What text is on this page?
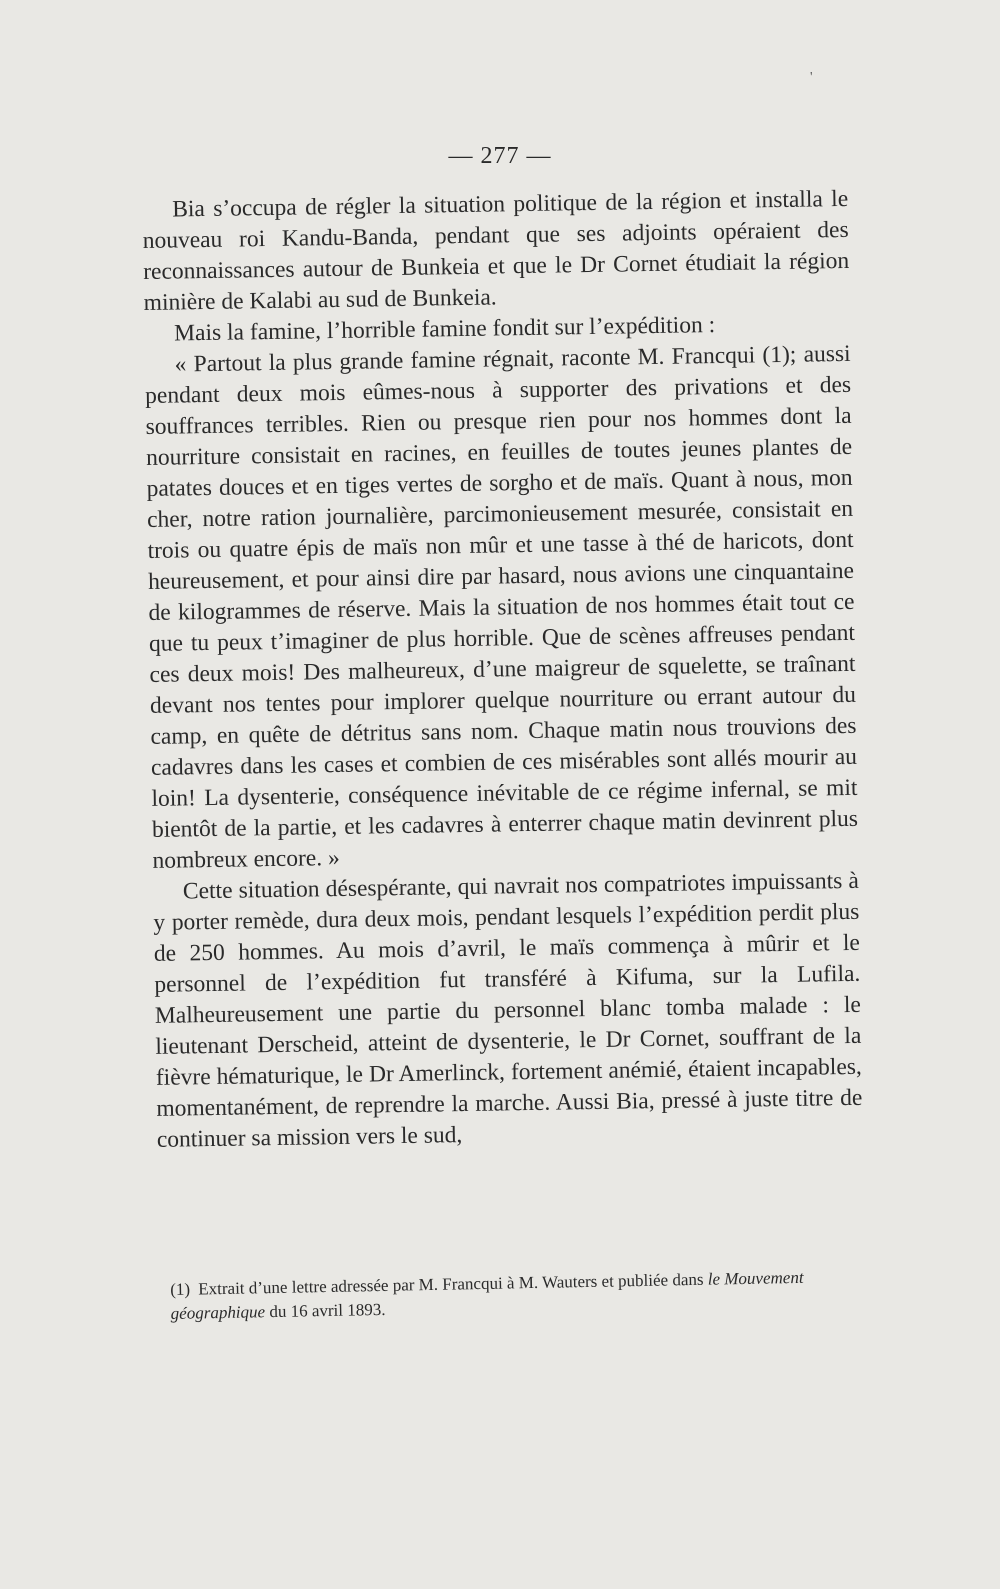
'
— 277 —

Bia s’occupa de régler la situation politique de la région et installa le nouveau roi Kandu-Banda, pendant que ses adjoints opéraient des reconnaissances autour de Bunkeia et que le Dr Cornet étudiait la région minière de Kalabi au sud de Bunkeia.

Mais la famine, l’horrible famine fondit sur l’expédition :

« Partout la plus grande famine régnait, raconte M. Francqui (1); aussi pendant deux mois eûmes-nous à supporter des privations et des souffrances terribles. Rien ou presque rien pour nos hommes dont la nourriture consistait en racines, en feuilles de toutes jeunes plantes de patates douces et en tiges vertes de sorgho et de maïs. Quant à nous, mon cher, notre ration journalière, parcimonieusement mesurée, consistait en trois ou quatre épis de maïs non mûr et une tasse à thé de haricots, dont heureusement, et pour ainsi dire par hasard, nous avions une cinquantaine de kilogrammes de réserve. Mais la situation de nos hommes était tout ce que tu peux t’imaginer de plus horrible. Que de scènes affreuses pendant ces deux mois! Des malheureux, d’une maigreur de squelette, se traînant devant nos tentes pour implorer quelque nourriture ou errant autour du camp, en quête de détritus sans nom. Chaque matin nous trouvions des cadavres dans les cases et combien de ces misérables sont allés mourir au loin! La dysenterie, conséquence inévitable de ce régime infernal, se mit bientôt de la partie, et les cadavres à enterrer chaque matin devinrent plus nombreux encore. »

Cette situation désespérante, qui navrait nos compatriotes impuissants à y porter remède, dura deux mois, pendant lesquels l’expédition perdit plus de 250 hommes. Au mois d’avril, le maïs commença à mûrir et le personnel de l’expédition fut transféré à Kifuma, sur la Lufila. Malheureusement une partie du personnel blanc tomba malade : le lieutenant Derscheid, atteint de dysenterie, le Dr Cornet, souffrant de la fièvre hématurique, le Dr Amerlinck, fortement anémié, étaient incapables, momentanément, de reprendre la marche. Aussi Bia, pressé à juste titre de continuer sa mission vers le sud,

(1) Extrait d’une lettre adressée par M. Francqui à M. Wauters et publiée dans le Mouvement géographique du 16 avril 1893.
